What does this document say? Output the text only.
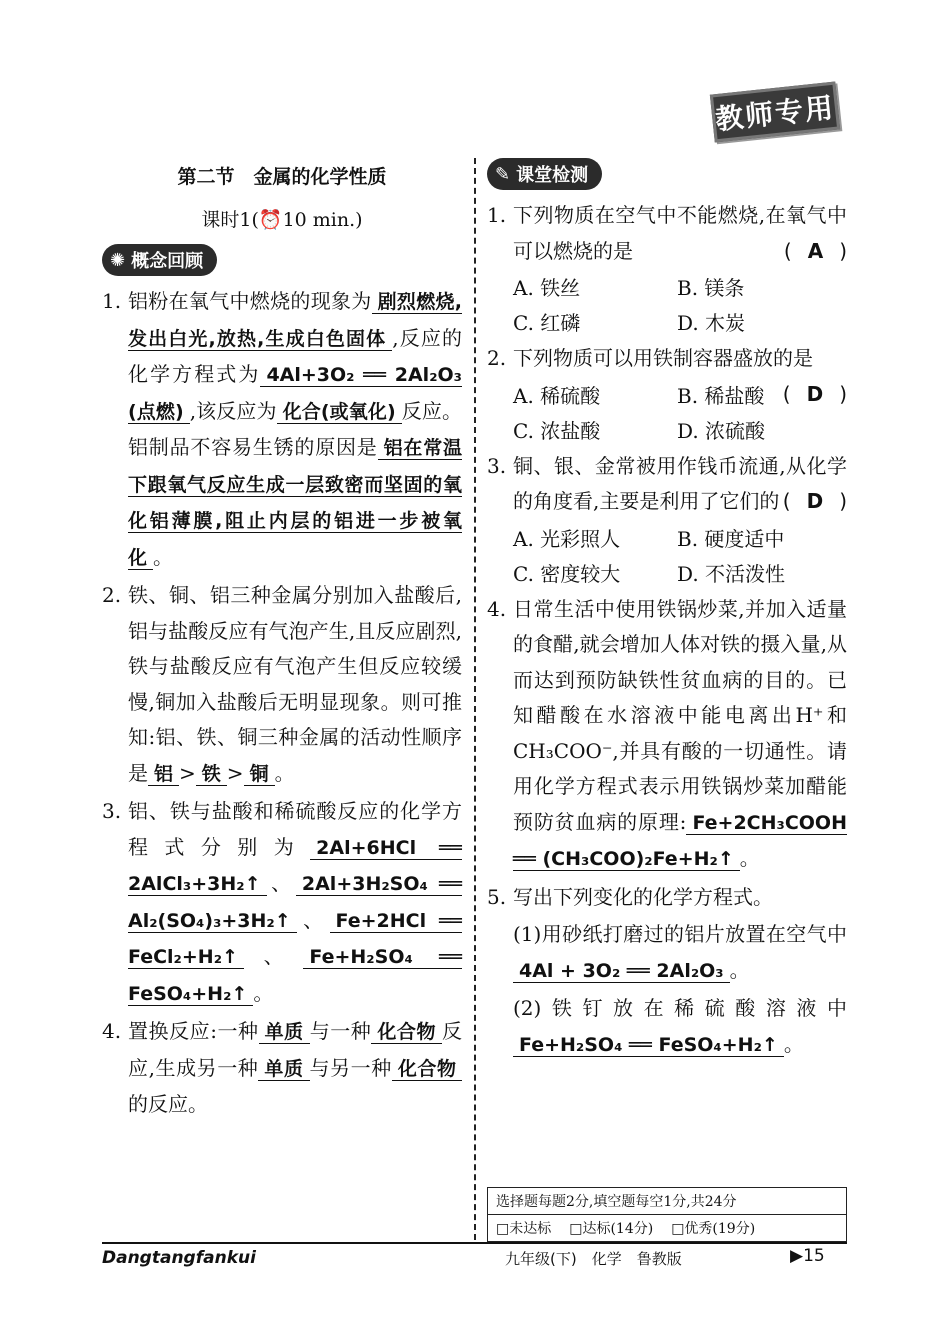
教师专用
第二节　金属的化学性质
课时1(⏰10 min.)
✺ 概念回顾
1. 铝粉在氧气中燃烧的现象为 剧烈燃烧,发出白光,放热,生成白色固体 ,反应的化学方程式为 4Al+3O₂ ══ 2Al₂O₃ (点燃) ,该反应为 化合(或氧化) 反应。铝制品不容易生锈的原因是 铝在常温下跟氧气反应生成一层致密而坚固的氧化铝薄膜,阻止内层的铝进一步被氧化 。
2. 铁、铜、铝三种金属分别加入盐酸后,铝与盐酸反应有气泡产生,且反应剧烈,铁与盐酸反应有气泡产生但反应较缓慢,铜加入盐酸后无明显现象。则可推知:铝、铁、铜三种金属的活动性顺序是 铝 > 铁 > 铜 。
3. 铝、铁与盐酸和稀硫酸反应的化学方程式分别为 2Al+6HCl ══ 2AlCl₃+3H₂↑ 、 2Al+3H₂SO₄ ══ Al₂(SO₄)₃+3H₂↑ 、 Fe+2HCl ══ FeCl₂+H₂↑ 、 Fe+H₂SO₄ ══ FeSO₄+H₂↑ 。
4. 置换反应:一种 单质 与一种 化合物 反应,生成另一种 单质 与另一种 化合物的反应。
✎ 课堂检测
1. 下列物质在空气中不能燃烧,在氧气中可以燃烧的是	( A )
A. 铁丝	B. 镁条
C. 红磷	D. 木炭
2. 下列物质可以用铁制容器盛放的是
( D )
A. 稀硫酸	B. 稀盐酸
C. 浓盐酸	D. 浓硫酸
3. 铜、银、金常被用作钱币流通,从化学的角度看,主要是利用了它们的 ( D )
A. 光彩照人	B. 硬度适中
C. 密度较大	D. 不活泼性
4. 日常生活中使用铁锅炒菜,并加入适量的食醋,就会增加人体对铁的摄入量,从而达到预防缺铁性贫血病的目的。已知醋酸在水溶液中能电离出H⁺和CH₃COO⁻,并具有酸的一切通性。请用化学方程式表示用铁锅炒菜加醋能预防贫血病的原理: Fe+2CH₃COOH ══ (CH₃COO)₂Fe+H₂↑ 。
5. 写出下列变化的化学方程式。
(1)用砂纸打磨过的铝片放置在空气中4Al + 3O₂ ══ 2Al₂O₃ 。
(2)铁钉放在稀硫酸溶液中Fe+H₂SO₄ ══ FeSO₄+H₂↑ 。
选择题每题2分,填空题每空1分,共24分
□未达标 □达标(14分) □优秀(19分)
Dangtangfankui	九年级(下)　化学　鲁教版	▶15
